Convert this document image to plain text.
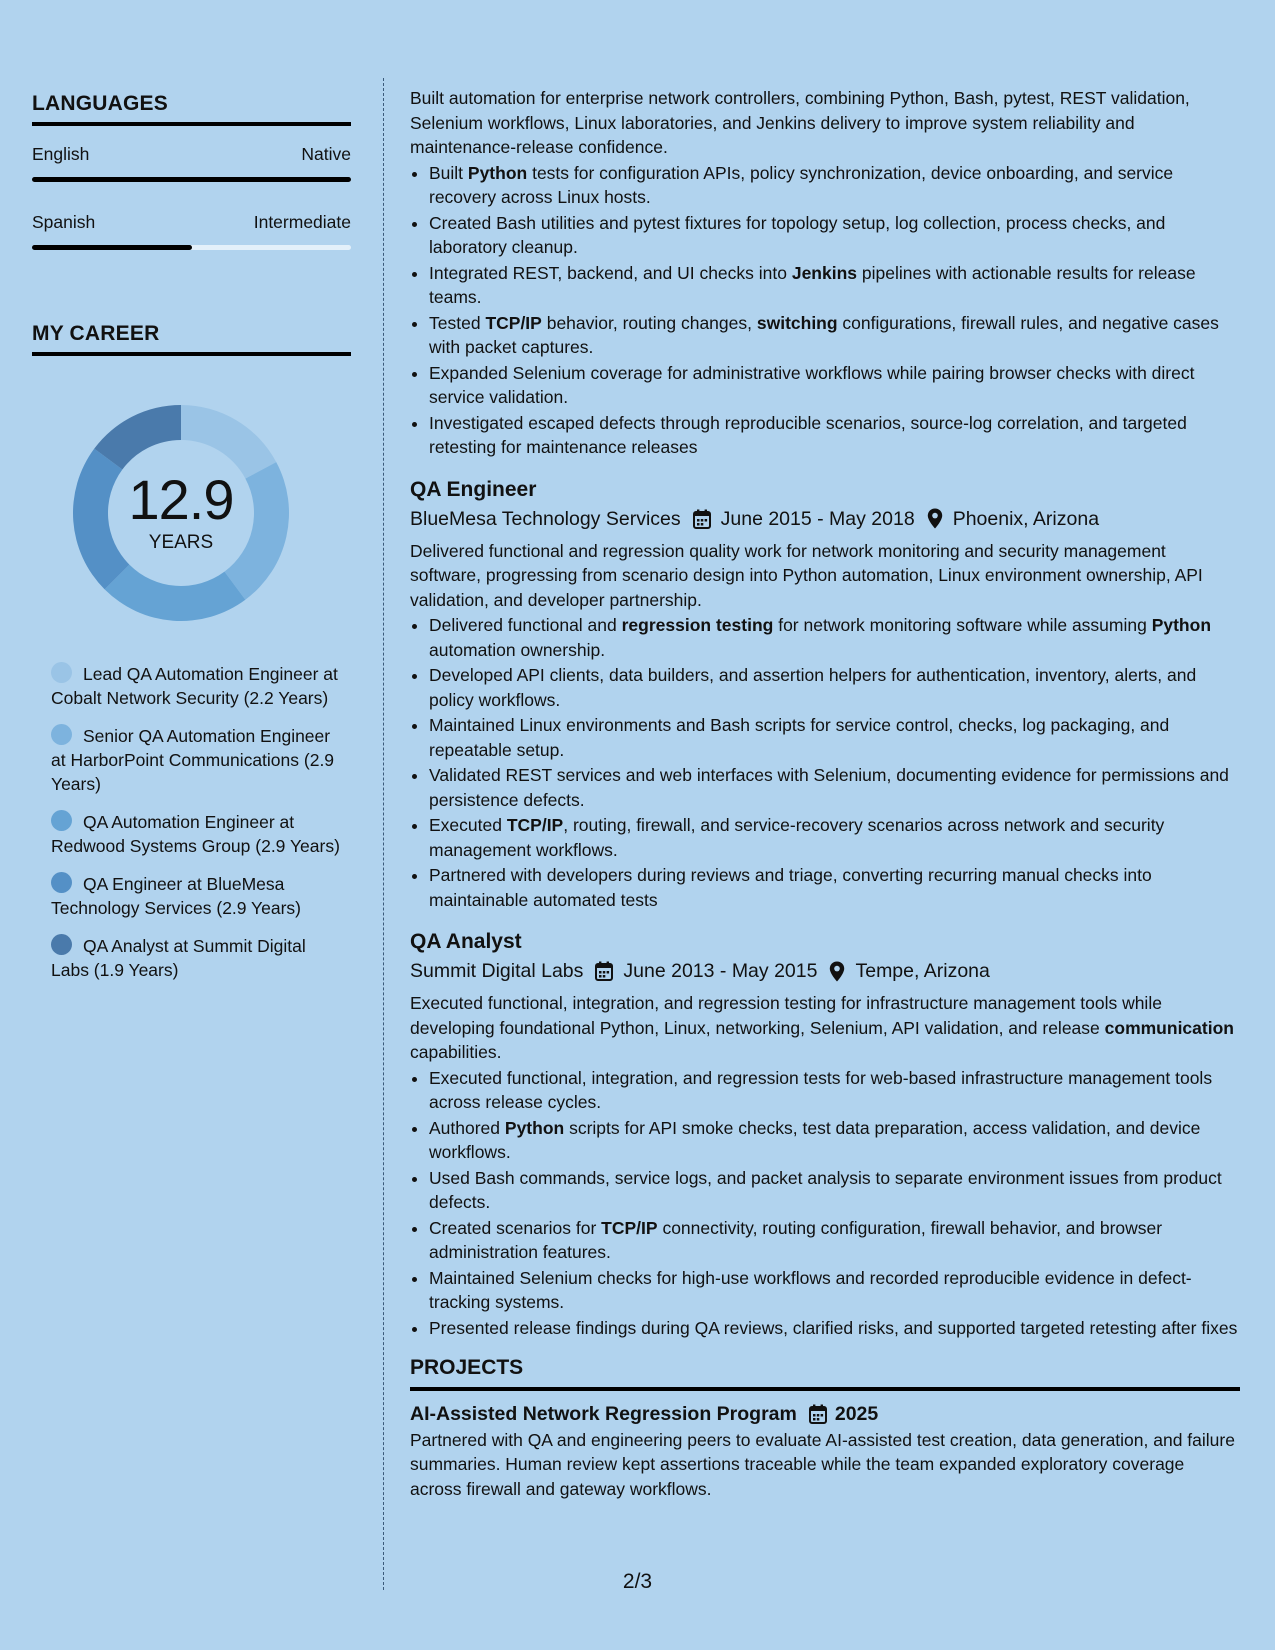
LANGUAGES
English	Native
Spanish	Intermediate
MY CAREER
12.9
YEARS
Lead QA Automation Engineer at Cobalt Network Security (2.2 Years)
Senior QA Automation Engineer at HarborPoint Communications (2.9 Years)
QA Automation Engineer at Redwood Systems Group (2.9 Years)
QA Engineer at BlueMesa Technology Services (2.9 Years)
QA Analyst at Summit Digital Labs (1.9 Years)

Built automation for enterprise network controllers, combining Python, Bash, pytest, REST validation, Selenium workflows, Linux laboratories, and Jenkins delivery to improve system reliability and maintenance-release confidence.

• Built Python tests for configuration APIs, policy synchronization, device onboarding, and service recovery across Linux hosts.
• Created Bash utilities and pytest fixtures for topology setup, log collection, process checks, and laboratory cleanup.
• Integrated REST, backend, and UI checks into Jenkins pipelines with actionable results for release teams.
• Tested TCP/IP behavior, routing changes, switching configurations, firewall rules, and negative cases with packet captures.
• Expanded Selenium coverage for administrative workflows while pairing browser checks with direct service validation.
• Investigated escaped defects through reproducible scenarios, source-log correlation, and targeted retesting for maintenance releases
QA Engineer
BlueMesa Technology Services June 2015 - May 2018 Phoenix, Arizona

Delivered functional and regression quality work for network monitoring and security management software, progressing from scenario design into Python automation, Linux environment ownership, API validation, and developer partnership.

• Delivered functional and regression testing for network monitoring software while assuming Python automation ownership.
• Developed API clients, data builders, and assertion helpers for authentication, inventory, alerts, and policy workflows.
• Maintained Linux environments and Bash scripts for service control, checks, log packaging, and repeatable setup.
• Validated REST services and web interfaces with Selenium, documenting evidence for permissions and persistence defects.
• Executed TCP/IP, routing, firewall, and service-recovery scenarios across network and security management workflows.
• Partnered with developers during reviews and triage, converting recurring manual checks into maintainable automated tests
QA Analyst
Summit Digital Labs June 2013 - May 2015 Tempe, Arizona

Executed functional, integration, and regression testing for infrastructure management tools while developing foundational Python, Linux, networking, Selenium, API validation, and release communication capabilities.

• Executed functional, integration, and regression tests for web-based infrastructure management tools across release cycles.
• Authored Python scripts for API smoke checks, test data preparation, access validation, and device workflows.
• Used Bash commands, service logs, and packet analysis to separate environment issues from product defects.
• Created scenarios for TCP/IP connectivity, routing configuration, firewall behavior, and browser administration features.
• Maintained Selenium checks for high-use workflows and recorded reproducible evidence in defect-tracking systems.
• Presented release findings during QA reviews, clarified risks, and supported targeted retesting after fixes
PROJECTS
AI-Assisted Network Regression Program 2025

Partnered with QA and engineering peers to evaluate AI-assisted test creation, data generation, and failure summaries. Human review kept assertions traceable while the team expanded exploratory coverage across firewall and gateway workflows.

2/3
